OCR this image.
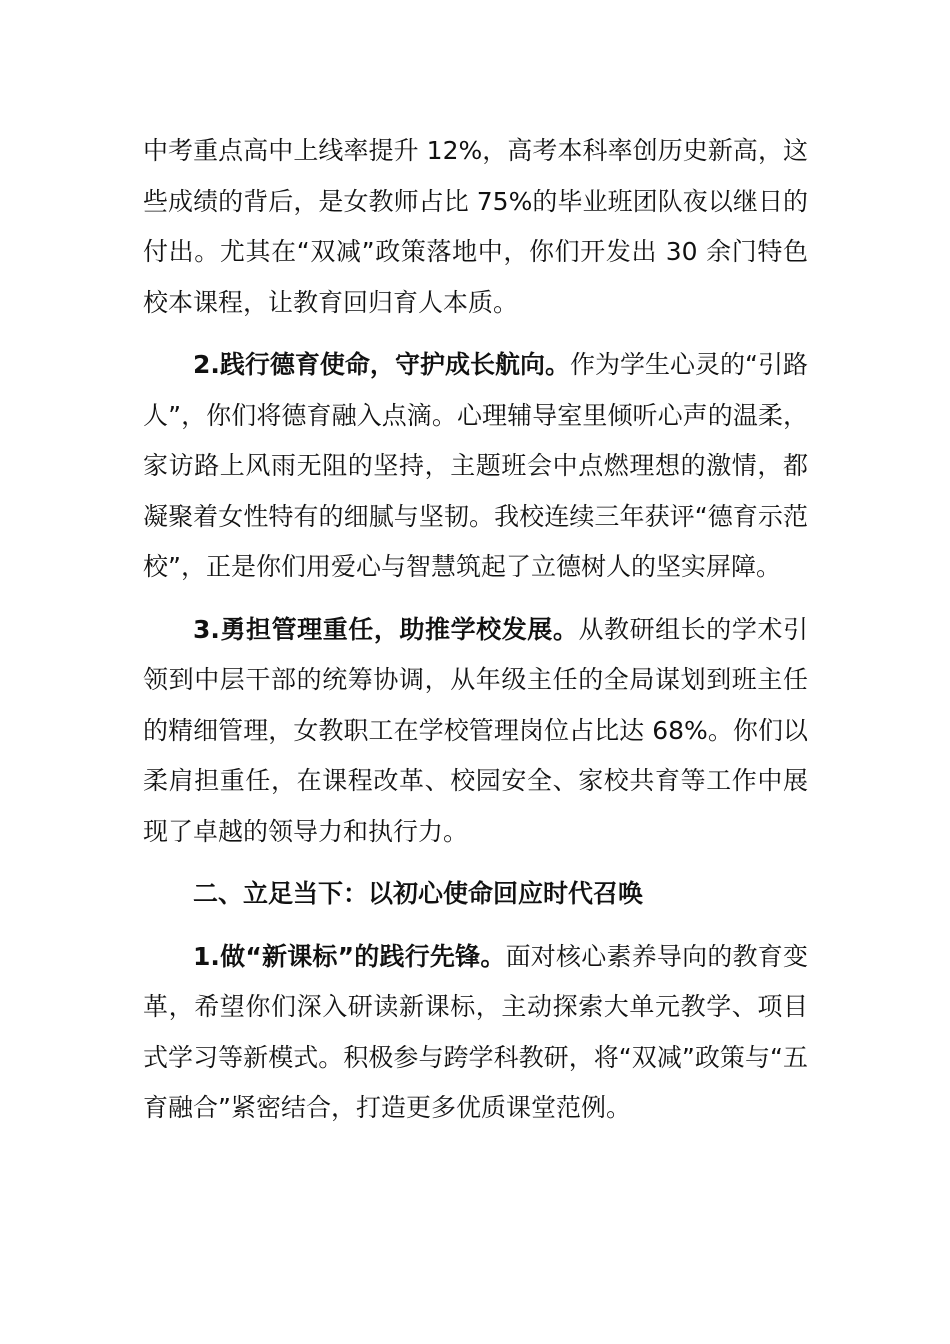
中考重点高中上线率提升 12%，高考本科率创历史新高，这些成绩的背后，是女教师占比 75%的毕业班团队夜以继日的付出。尤其在“双减”政策落地中，你们开发出 30 余门特色校本课程，让教育回归育人本质。

2.践行德育使命，守护成长航向。作为学生心灵的“引路人”，你们将德育融入点滴。心理辅导室里倾听心声的温柔，家访路上风雨无阻的坚持，主题班会中点燃理想的激情，都凝聚着女性特有的细腻与坚韧。我校连续三年获评“德育示范校”，正是你们用爱心与智慧筑起了立德树人的坚实屏障。

3.勇担管理重任，助推学校发展。从教研组长的学术引领到中层干部的统筹协调，从年级主任的全局谋划到班主任的精细管理，女教职工在学校管理岗位占比达 68%。你们以柔肩担重任，在课程改革、校园安全、家校共育等工作中展现了卓越的领导力和执行力。

二、立足当下：以初心使命回应时代召唤

1.做“新课标”的践行先锋。面对核心素养导向的教育变革，希望你们深入研读新课标，主动探索大单元教学、项目式学习等新模式。积极参与跨学科教研，将“双减”政策与“五育融合”紧密结合，打造更多优质课堂范例。
